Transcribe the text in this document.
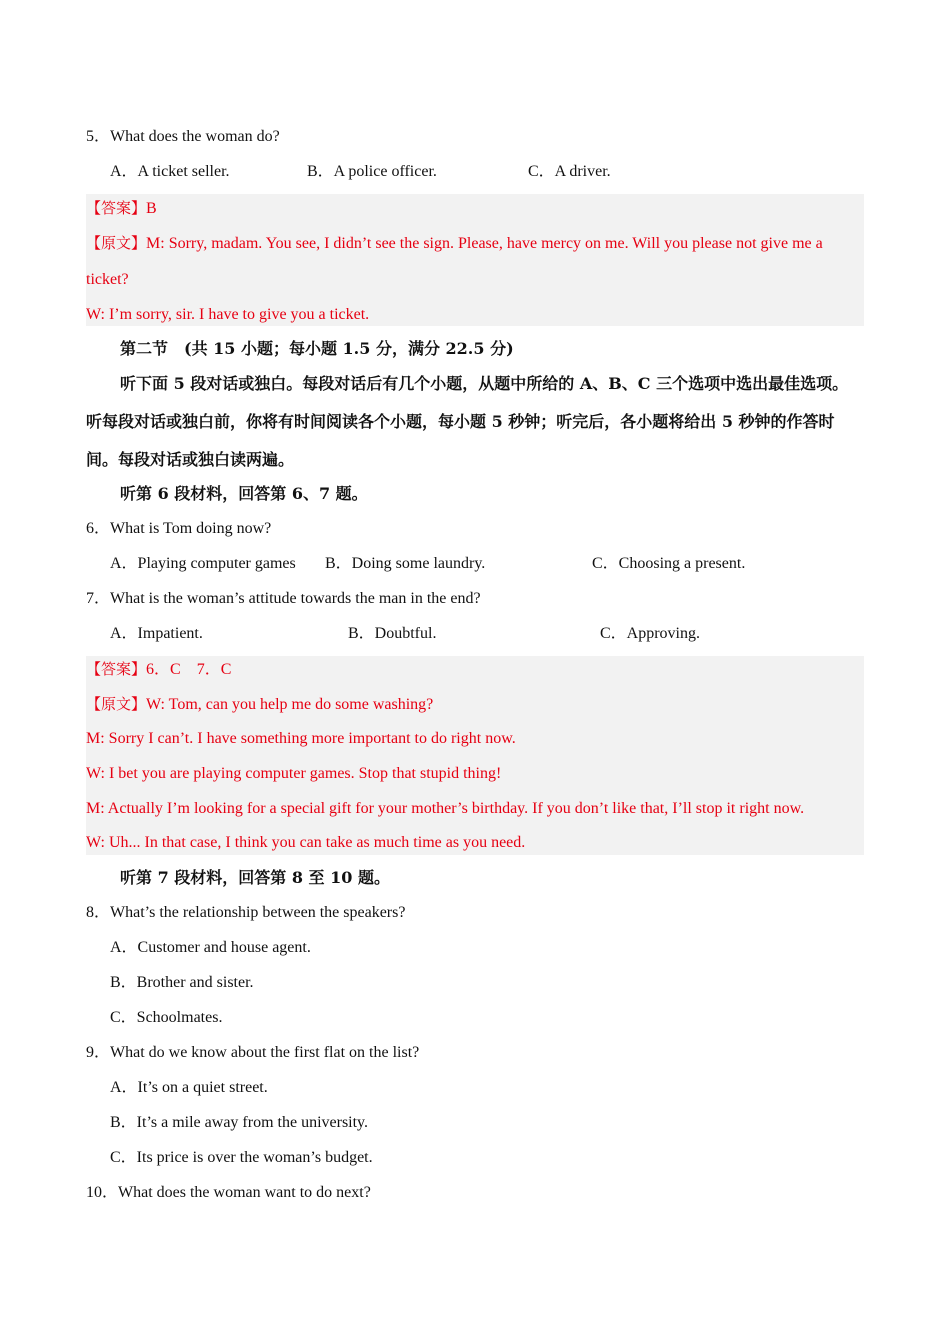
5．What does the woman do?
A．A ticket seller.	B．A police officer.	C．A driver.
【答案】B
【原文】M: Sorry, madam. You see, I didn’t see the sign. Please, have mercy on me. Will you please not give me a
ticket?
W: I’m sorry, sir. I have to give you a ticket.
第二节　(共 15 小题；每小题 1.5 分，满分 22.5 分)
听下面 5 段对话或独白。每段对话后有几个小题，从题中所给的 A、B、C 三个选项中选出最佳选项。
听每段对话或独白前，你将有时间阅读各个小题，每小题 5 秒钟；听完后，各小题将给出 5 秒钟的作答时
间。每段对话或独白读两遍。
听第 6 段材料，回答第 6、7 题。
6．What is Tom doing now?
A．Playing computer games B．Doing some laundry.	C．Choosing a present.
7．What is the woman’s attitude towards the man in the end?
A．Impatient.	B．Doubtful.	C．Approving.
【答案】6．C　7．C
【原文】W: Tom, can you help me do some washing?
M: Sorry I can’t. I have something more important to do right now.
W: I bet you are playing computer games. Stop that stupid thing!
M: Actually I’m looking for a special gift for your mother’s birthday. If you don’t like that, I’ll stop it right now.
W: Uh... In that case, I think you can take as much time as you need.
听第 7 段材料，回答第 8 至 10 题。
8．What’s the relationship between the speakers?
A．Customer and house agent.
B．Brother and sister.
C．Schoolmates.
9．What do we know about the first flat on the list?
A．It’s on a quiet street.
B．It’s a mile away from the university.
C．Its price is over the woman’s budget.
10．What does the woman want to do next?
